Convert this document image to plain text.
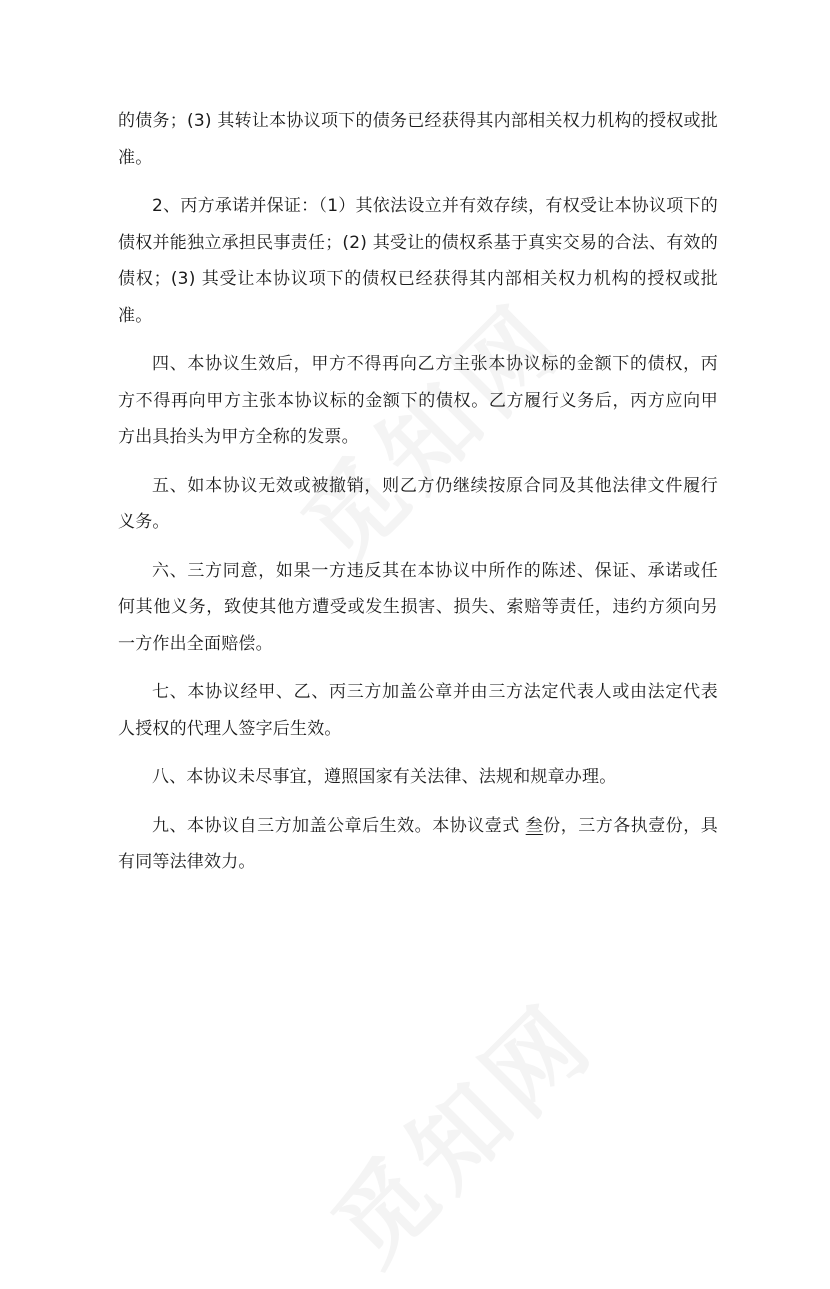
的债务；(3) 其转让本协议项下的债务已经获得其内部相关权力机构的授权或批准。

2、丙方承诺并保证：（1）其依法设立并有效存续，有权受让本协议项下的债权并能独立承担民事责任；(2) 其受让的债权系基于真实交易的合法、有效的债权；(3) 其受让本协议项下的债权已经获得其内部相关权力机构的授权或批准。

四、本协议生效后，甲方不得再向乙方主张本协议标的金额下的债权，丙方不得再向甲方主张本协议标的金额下的债权。乙方履行义务后，丙方应向甲方出具抬头为甲方全称的发票。

五、如本协议无效或被撤销，则乙方仍继续按原合同及其他法律文件履行义务。

六、三方同意，如果一方违反其在本协议中所作的陈述、保证、承诺或任何其他义务，致使其他方遭受或发生损害、损失、索赔等责任，违约方须向另一方作出全面赔偿。

七、本协议经甲、乙、丙三方加盖公章并由三方法定代表人或由法定代表人授权的代理人签字后生效。

八、本协议未尽事宜，遵照国家有关法律、法规和规章办理。

九、本协议自三方加盖公章后生效。本协议壹式 叁份，三方各执壹份，具有同等法律效力。
